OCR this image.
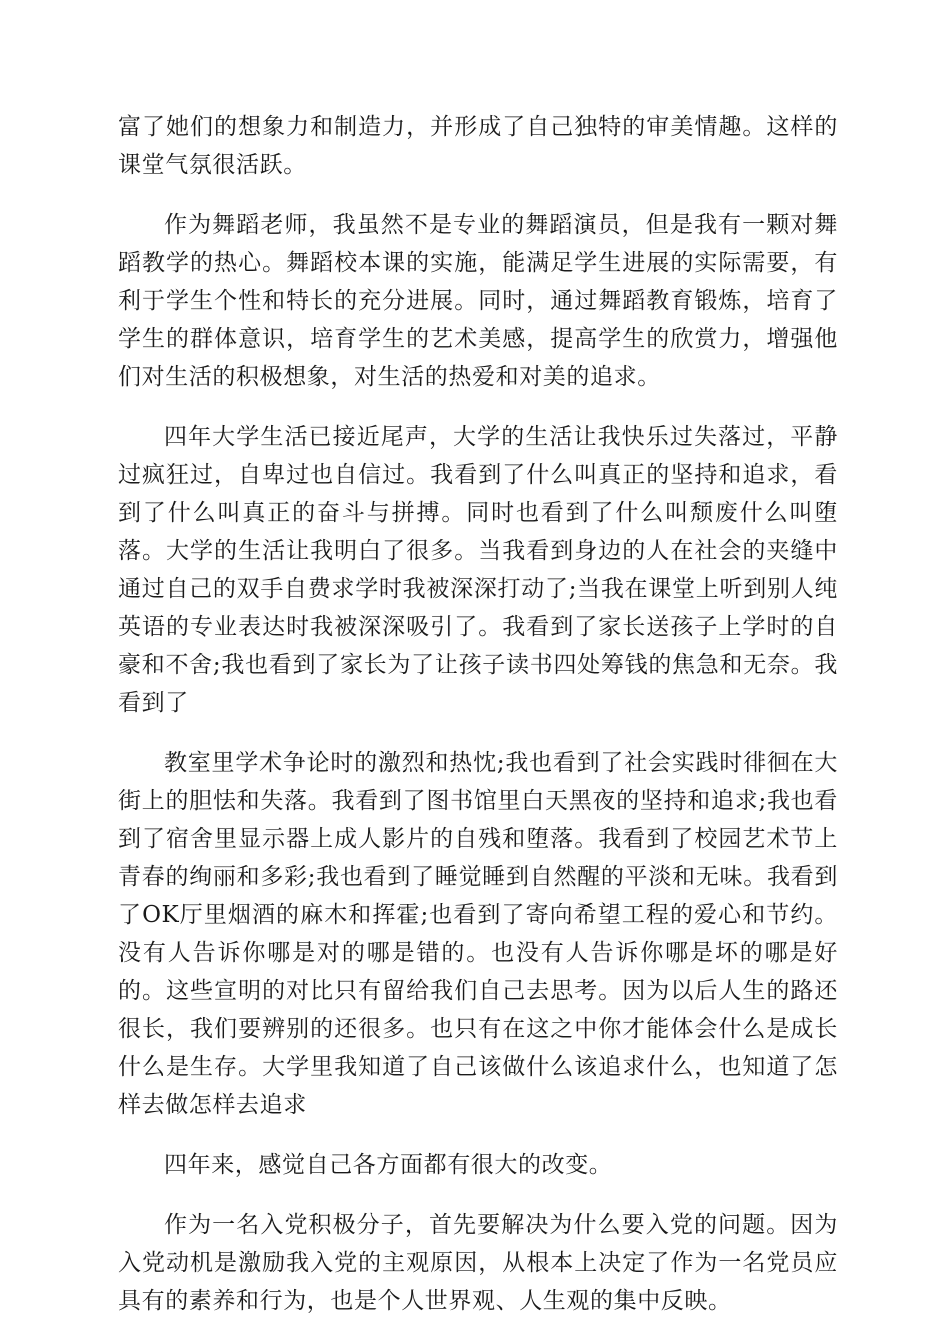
富了她们的想象力和制造力，并形成了自己独特的审美情趣。这样的课堂气氛很活跃。

作为舞蹈老师，我虽然不是专业的舞蹈演员，但是我有一颗对舞蹈教学的热心。舞蹈校本课的实施，能满足学生进展的实际需要，有利于学生个性和特长的充分进展。同时，通过舞蹈教育锻炼，培育了学生的群体意识，培育学生的艺术美感，提高学生的欣赏力，增强他们对生活的积极想象，对生活的热爱和对美的追求。

四年大学生活已接近尾声，大学的生活让我快乐过失落过，平静过疯狂过，自卑过也自信过。我看到了什么叫真正的坚持和追求，看到了什么叫真正的奋斗与拼搏。同时也看到了什么叫颓废什么叫堕落。大学的生活让我明白了很多。当我看到身边的人在社会的夹缝中通过自己的双手自费求学时我被深深打动了;当我在课堂上听到别人纯英语的专业表达时我被深深吸引了。我看到了家长送孩子上学时的自豪和不舍;我也看到了家长为了让孩子读书四处筹钱的焦急和无奈。我看到了

教室里学术争论时的激烈和热忱;我也看到了社会实践时徘徊在大街上的胆怯和失落。我看到了图书馆里白天黑夜的坚持和追求;我也看到了宿舍里显示器上成人影片的自残和堕落。我看到了校园艺术节上青春的绚丽和多彩;我也看到了睡觉睡到自然醒的平淡和无味。我看到了OK厅里烟酒的麻木和挥霍;也看到了寄向希望工程的爱心和节约。没有人告诉你哪是对的哪是错的。也没有人告诉你哪是坏的哪是好的。这些宣明的对比只有留给我们自己去思考。因为以后人生的路还很长，我们要辨别的还很多。也只有在这之中你才能体会什么是成长什么是生存。大学里我知道了自己该做什么该追求什么，也知道了怎样去做怎样去追求

四年来，感觉自己各方面都有很大的改变。

作为一名入党积极分子，首先要解决为什么要入党的问题。因为入党动机是激励我入党的主观原因，从根本上决定了作为一名党员应具有的素养和行为，也是个人世界观、人生观的集中反映。
